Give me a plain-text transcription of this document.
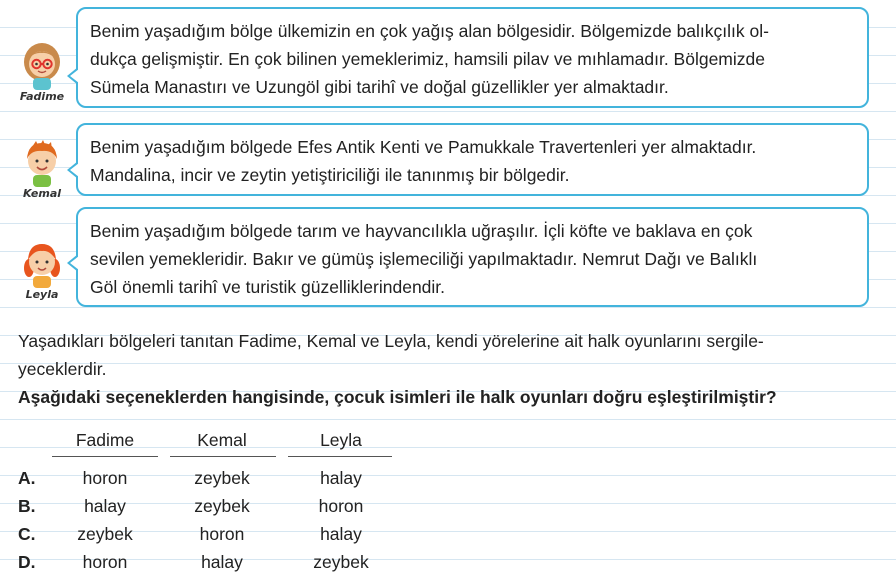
Fadime
Benim yaşadığım bölge ülkemizin en çok yağış alan bölgesidir. Bölgemizde balıkçılık ol-
dukça gelişmiştir. En çok bilinen yemeklerimiz, hamsili pilav ve mıhlamadır. Bölgemizde
Sümela Manastırı ve Uzungöl gibi tarihî ve doğal güzellikler yer almaktadır.
Kemal
Benim yaşadığım bölgede Efes Antik Kenti ve Pamukkale Travertenleri yer almaktadır.
Mandalina, incir ve zeytin yetiştiriciliği ile tanınmış bir bölgedir.
Leyla
Benim yaşadığım bölgede tarım ve hayvancılıkla uğraşılır. İçli köfte ve baklava en çok
sevilen yemekleridir. Bakır ve gümüş işlemeciliği yapılmaktadır. Nemrut Dağı ve Balıklı
Göl önemli tarihî ve turistik güzelliklerindendir.
Yaşadıkları bölgeleri tanıtan Fadime, Kemal ve Leyla, kendi yörelerine ait halk oyunlarını sergile-
yeceklerdir.
Aşağıdaki seçeneklerden hangisinde, çocuk isimleri ile halk oyunları doğru eşleştirilmiştir?
Fadime	Kemal	Leyla
A.	horon	zeybek	halay
B.	halay	zeybek	horon
C.	zeybek	horon	halay
D.	horon	halay	zeybek
